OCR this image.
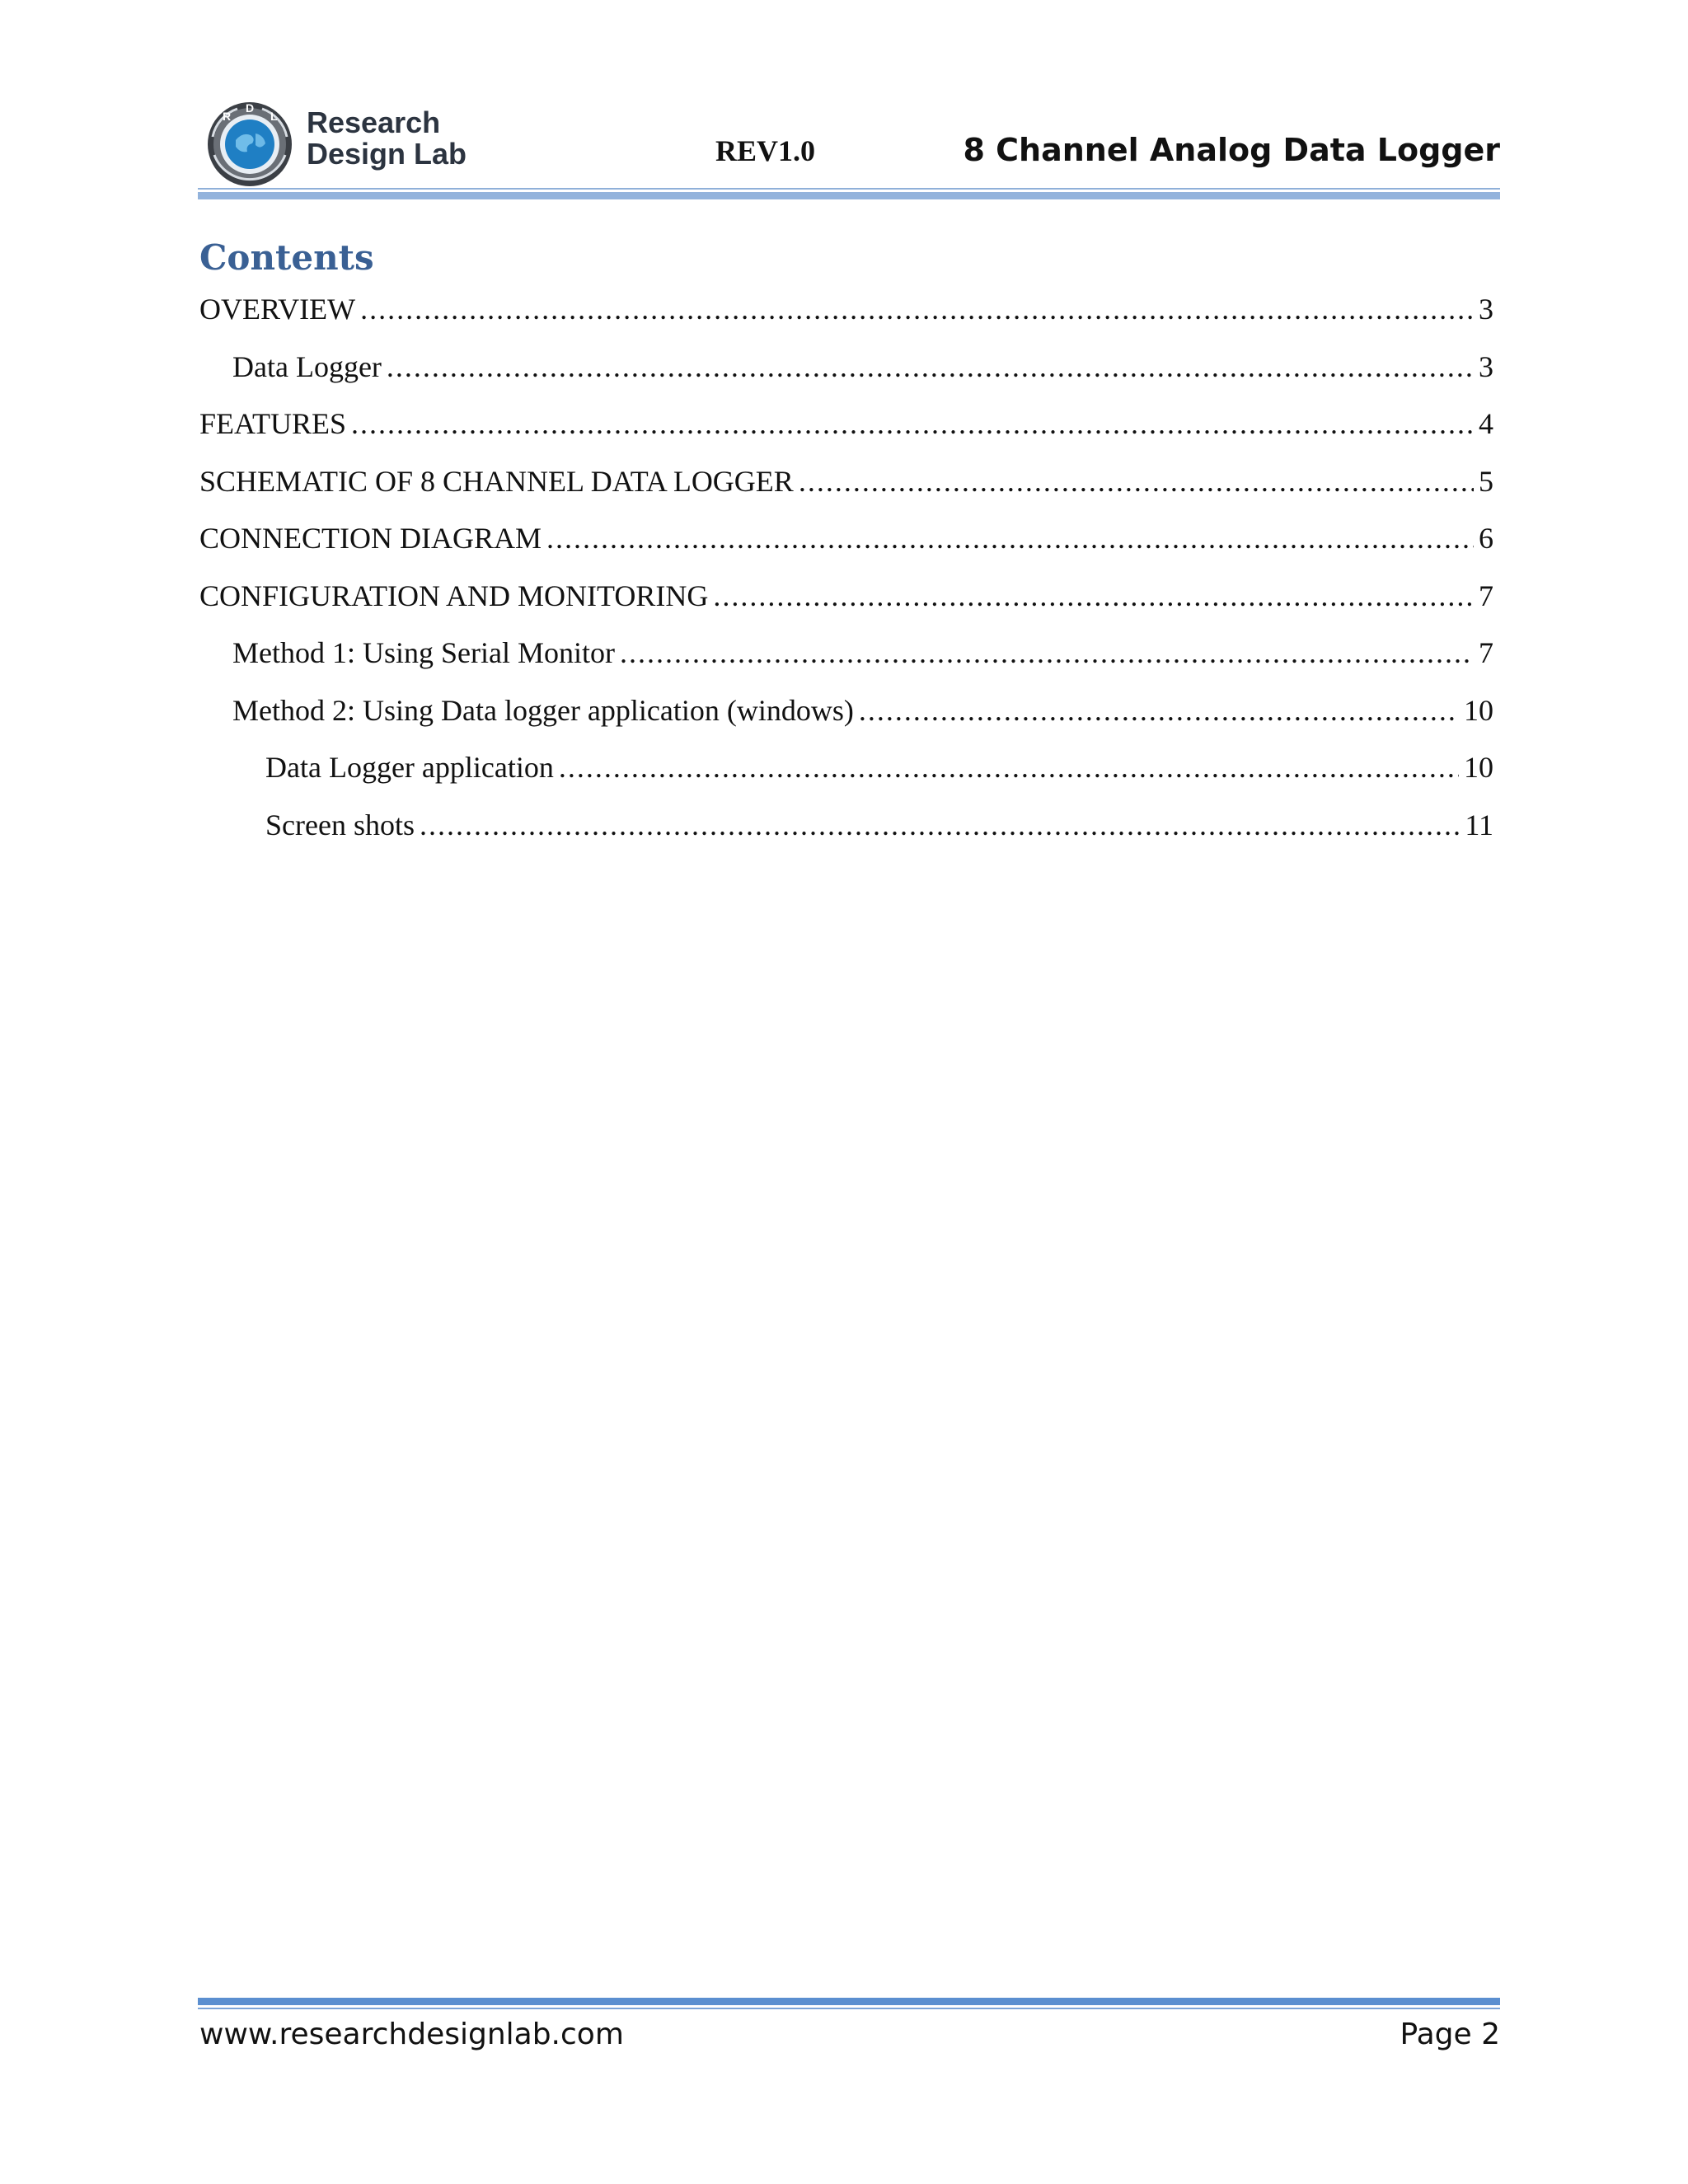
R
D
L Research
Design Lab	REV1.0	8 Channel Analog Data Logger
Contents
OVERVIEW .....	3
Data Logger .....	3
FEATURES .....	4
SCHEMATIC OF 8 CHANNEL DATA LOGGER .....	5
CONNECTION DIAGRAM .....	6
CONFIGURATION AND MONITORING .....	7
Method 1: Using Serial Monitor .....	7
Method 2: Using Data logger application (windows) .....	10
Data Logger application .....	10
Screen shots .....	11
www.researchdesignlab.com	Page 2
